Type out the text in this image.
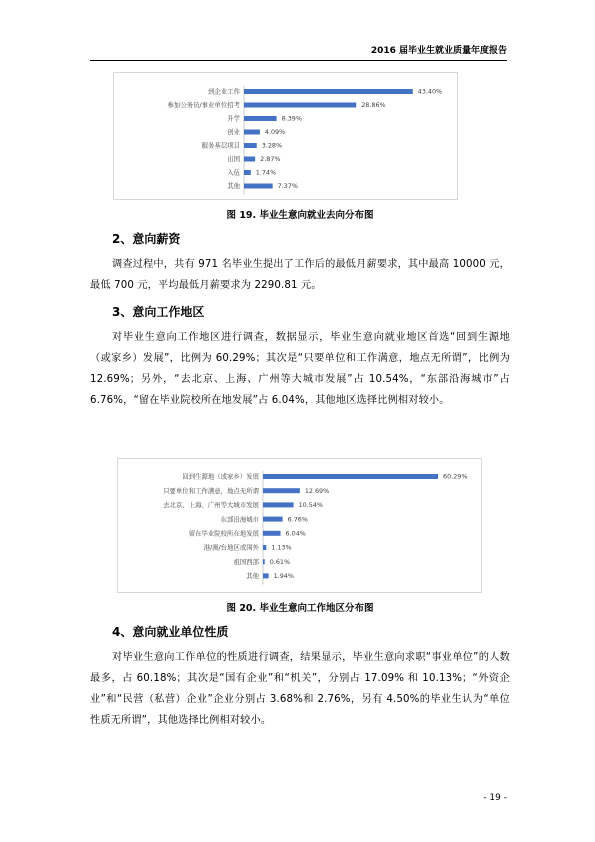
2016 届毕业生就业质量年度报告
到企业工作	43.40%
参加公务员/事业单位招考	28.86%
升学	8.39%
创业	4.09%
服务基层项目	3.28%
出国	2.87%
入伍 1.74%
其他	7.37%
图 19. 毕业生意向就业去向分布图
2、意向薪资
调查过程中，共有 971 名毕业生提出了工作后的最低月薪要求，其中最高 10000 元，最低 700 元，平均最低月薪要求为 2290.81 元。
3、意向工作地区
对毕业生意向工作地区进行调查，数据显示，毕业生意向就业地区首选“回到生源地（或家乡）发展”，比例为 60.29%；其次是“只要单位和工作满意，地点无所谓”，比例为 12.69%；另外，“去北京、上海、广州等大城市发展”占 10.54%，“东部沿海城市”占 6.76%，“留在毕业院校所在地发展”占 6.04%，其他地区选择比例相对较小。
回到生源地（或家乡）发展	60.29%
只要单位和工作满意，地点无所谓	12.69%
去北京、上海、广州等大城市发展	10.54%
东部沿海城市	6.76%
留在毕业院校所在地发展	6.04%
港/澳/台地区或国外 1.13%
祖国西部 0.61%
其他 1.94%
图 20. 毕业生意向工作地区分布图
4、意向就业单位性质
对毕业生意向工作单位的性质进行调查，结果显示，毕业生意向求职“事业单位”的人数最多，占 60.18%；其次是“国有企业”和“机关”，分别占 17.09% 和 10.13%；“外资企业”和“民营（私营）企业”企业分别占 3.68%和 2.76%，另有 4.50%的毕业生认为“单位性质无所谓”，其他选择比例相对较小。
- 19 -
